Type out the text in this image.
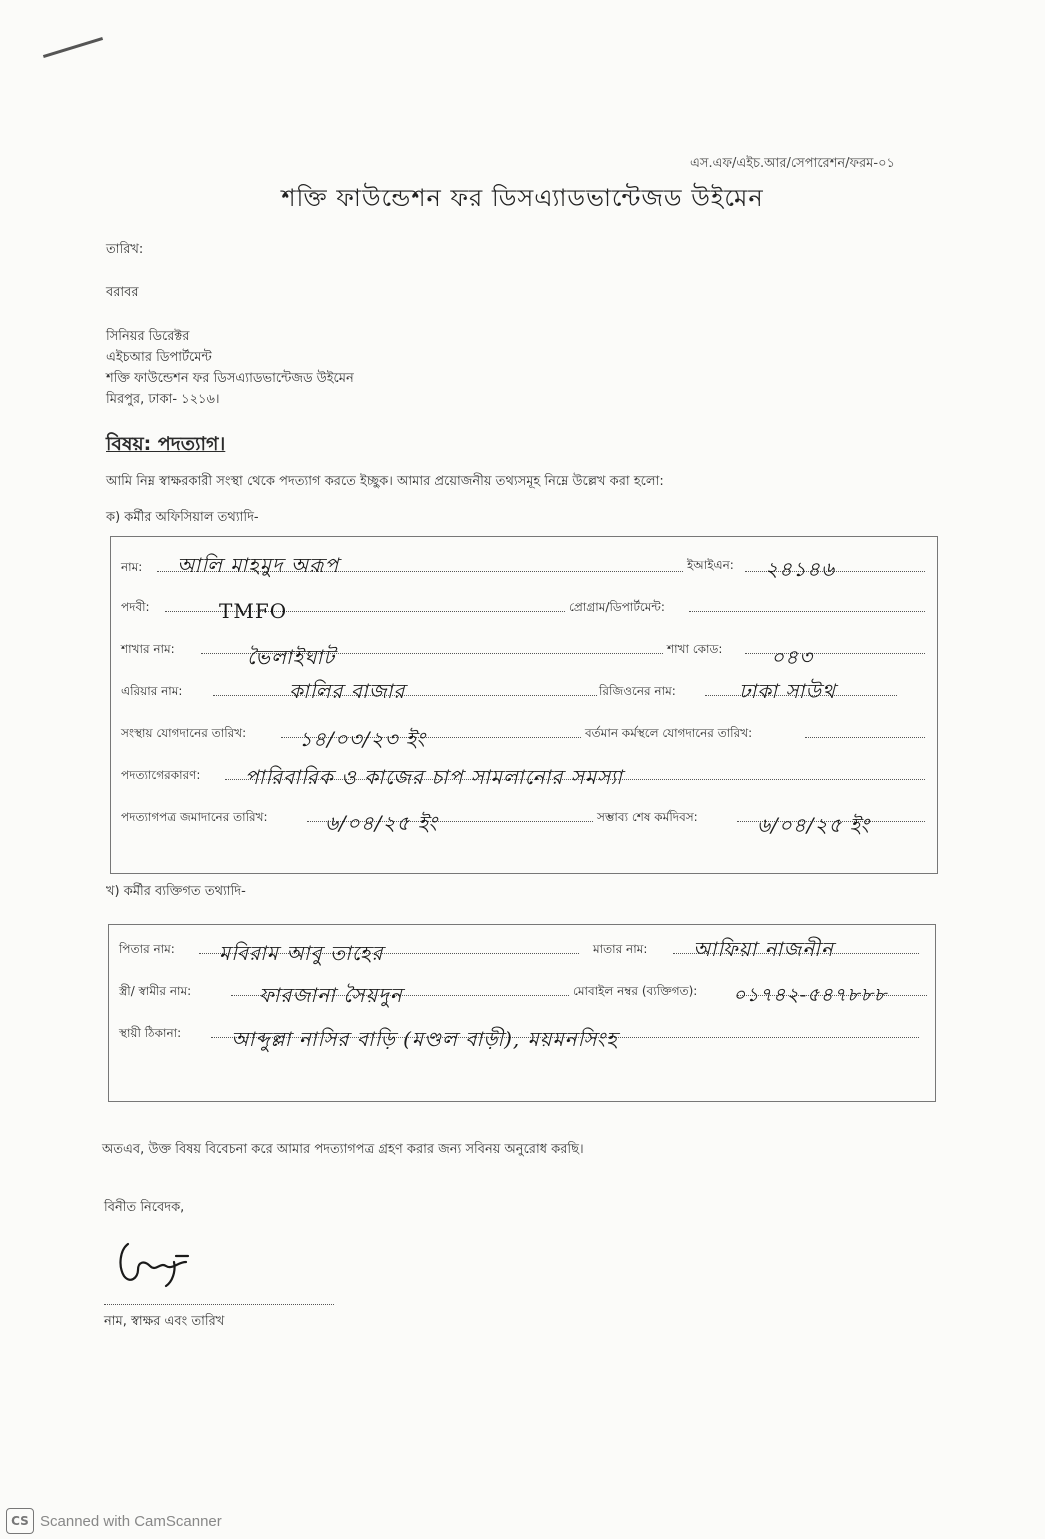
এস.এফ/এইচ.আর/সেপারেশন/ফরম-০১
শক্তি ফাউন্ডেশন ফর ডিসএ্যাডভান্টেজড উইমেন
তারিখ:
বরাবর
সিনিয়র ডিরেক্টর
এইচআর ডিপার্টমেন্ট
শক্তি ফাউন্ডেশন ফর ডিসএ্যাডভান্টেজড উইমেন
মিরপুর, ঢাকা- ১২১৬।
বিষয়: পদত্যাগ।
আমি নিম্ন স্বাক্ষরকারী সংস্থা থেকে পদত্যাগ করতে ইচ্ছুক। আমার প্রয়োজনীয় তথ্যসমূহ নিম্নে উল্লেখ করা হলো:
ক) কর্মীর অফিসিয়াল তথ্যাদি-
নাম: আলি মাহমুদ অরূপ	ইআইএন: ২৪১৪৬
পদবী:	TMFO	প্রোগ্রাম/ডিপার্টমেন্ট:
শাখার নাম:	ভৈলাইঘাট	শাখা কোড: ০৪৩
এরিয়ার নাম:	কালির বাজার	রিজিওনের নাম:	ঢাকা সাউথ
সংস্থায় যোগদানের তারিখ:	১৪/০৩/২৩ ইং	বর্তমান কর্মস্থলে যোগদানের তারিখ:
পদত্যাগেরকারণ: পারিবারিক ও কাজের চাপ সামলানোর সমস্যা
পদত্যাগপত্র জমাদানের তারিখ:	৬/০৪/২৫ ইং	সম্ভাব্য শেষ কর্মদিবস:	৬/০৪/২৫ ইং
খ) কর্মীর ব্যক্তিগত তথ্যাদি-
পিতার নাম: মবিরাম আবু তাহের	মাতার নাম: আফিয়া নাজনীন
স্ত্রী/ স্বামীর নাম:	ফারজানা সৈয়দুন	মোবাইল নম্বর (ব্যক্তিগত): ০১৭৪২-৫৪৭৮৮৮
স্থায়ী ঠিকানা: আব্দুল্লা নাসির বাড়ি (মণ্ডল বাড়ী), ময়মনসিংহ
অতএব, উক্ত বিষয় বিবেচনা করে আমার পদত্যাগপত্র গ্রহণ করার জন্য সবিনয় অনুরোধ করছি।
বিনীত নিবেদক,
নাম, স্বাক্ষর এবং তারিখ
CS Scanned with CamScanner
